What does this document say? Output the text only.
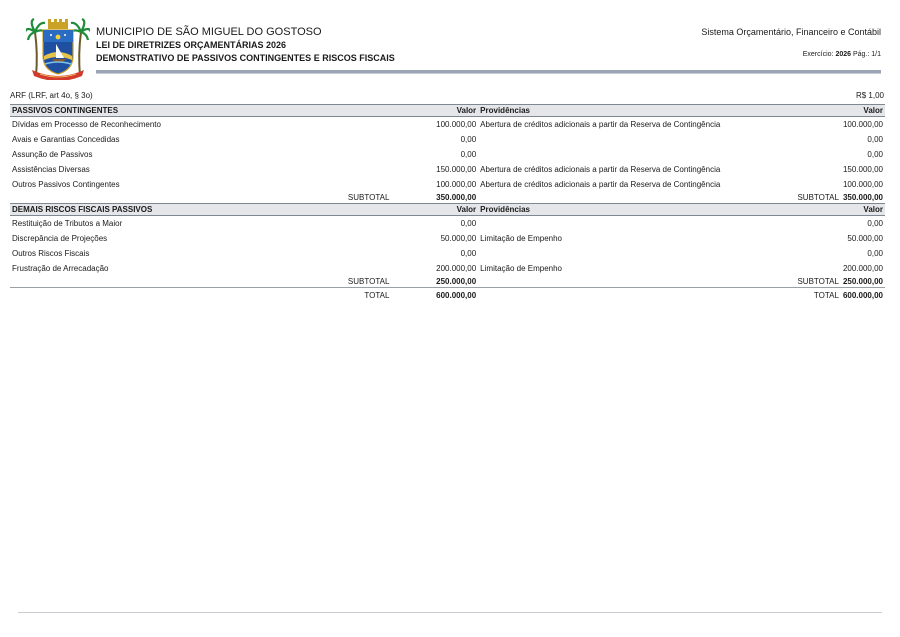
MUNICIPIO DE SÃO MIGUEL DO GOSTOSO
LEI DE DIRETRIZES ORÇAMENTÁRIAS 2026
DEMONSTRATIVO DE PASSIVOS CONTINGENTES E RISCOS FISCAIS
Sistema Orçamentário, Financeiro e Contábil
Exercício: 2026 Pág.: 1/1
ARF (LRF, art 4o, § 3o)	R$ 1,00
PASSIVOS CONTINGENTES	Valor	Providências		Valor
Dívidas em Processo de Reconhecimento	100.000,00	Abertura de créditos adicionais a partir da Reserva de Contingência		100.000,00
Avais e Garantias Concedidas	0,00			0,00
Assunção de Passivos	0,00			0,00
Assistências Diversas	150.000,00	Abertura de créditos adicionais a partir da Reserva de Contingência		150.000,00
Outros Passivos Contingentes	100.000,00	Abertura de créditos adicionais a partir da Reserva de Contingência		100.000,00
SUBTOTAL	350.000,00		SUBTOTAL	350.000,00
DEMAIS RISCOS FISCAIS PASSIVOS	Valor	Providências		Valor
Restituição de Tributos a Maior	0,00			0,00
Discrepância de Projeções	50.000,00	Limitação de Empenho		50.000,00
Outros Riscos Fiscais	0,00			0,00
Frustração de Arrecadação	200.000,00	Limitação de Empenho		200.000,00
SUBTOTAL	250.000,00		SUBTOTAL	250.000,00
TOTAL	600.000,00		TOTAL	600.000,00
